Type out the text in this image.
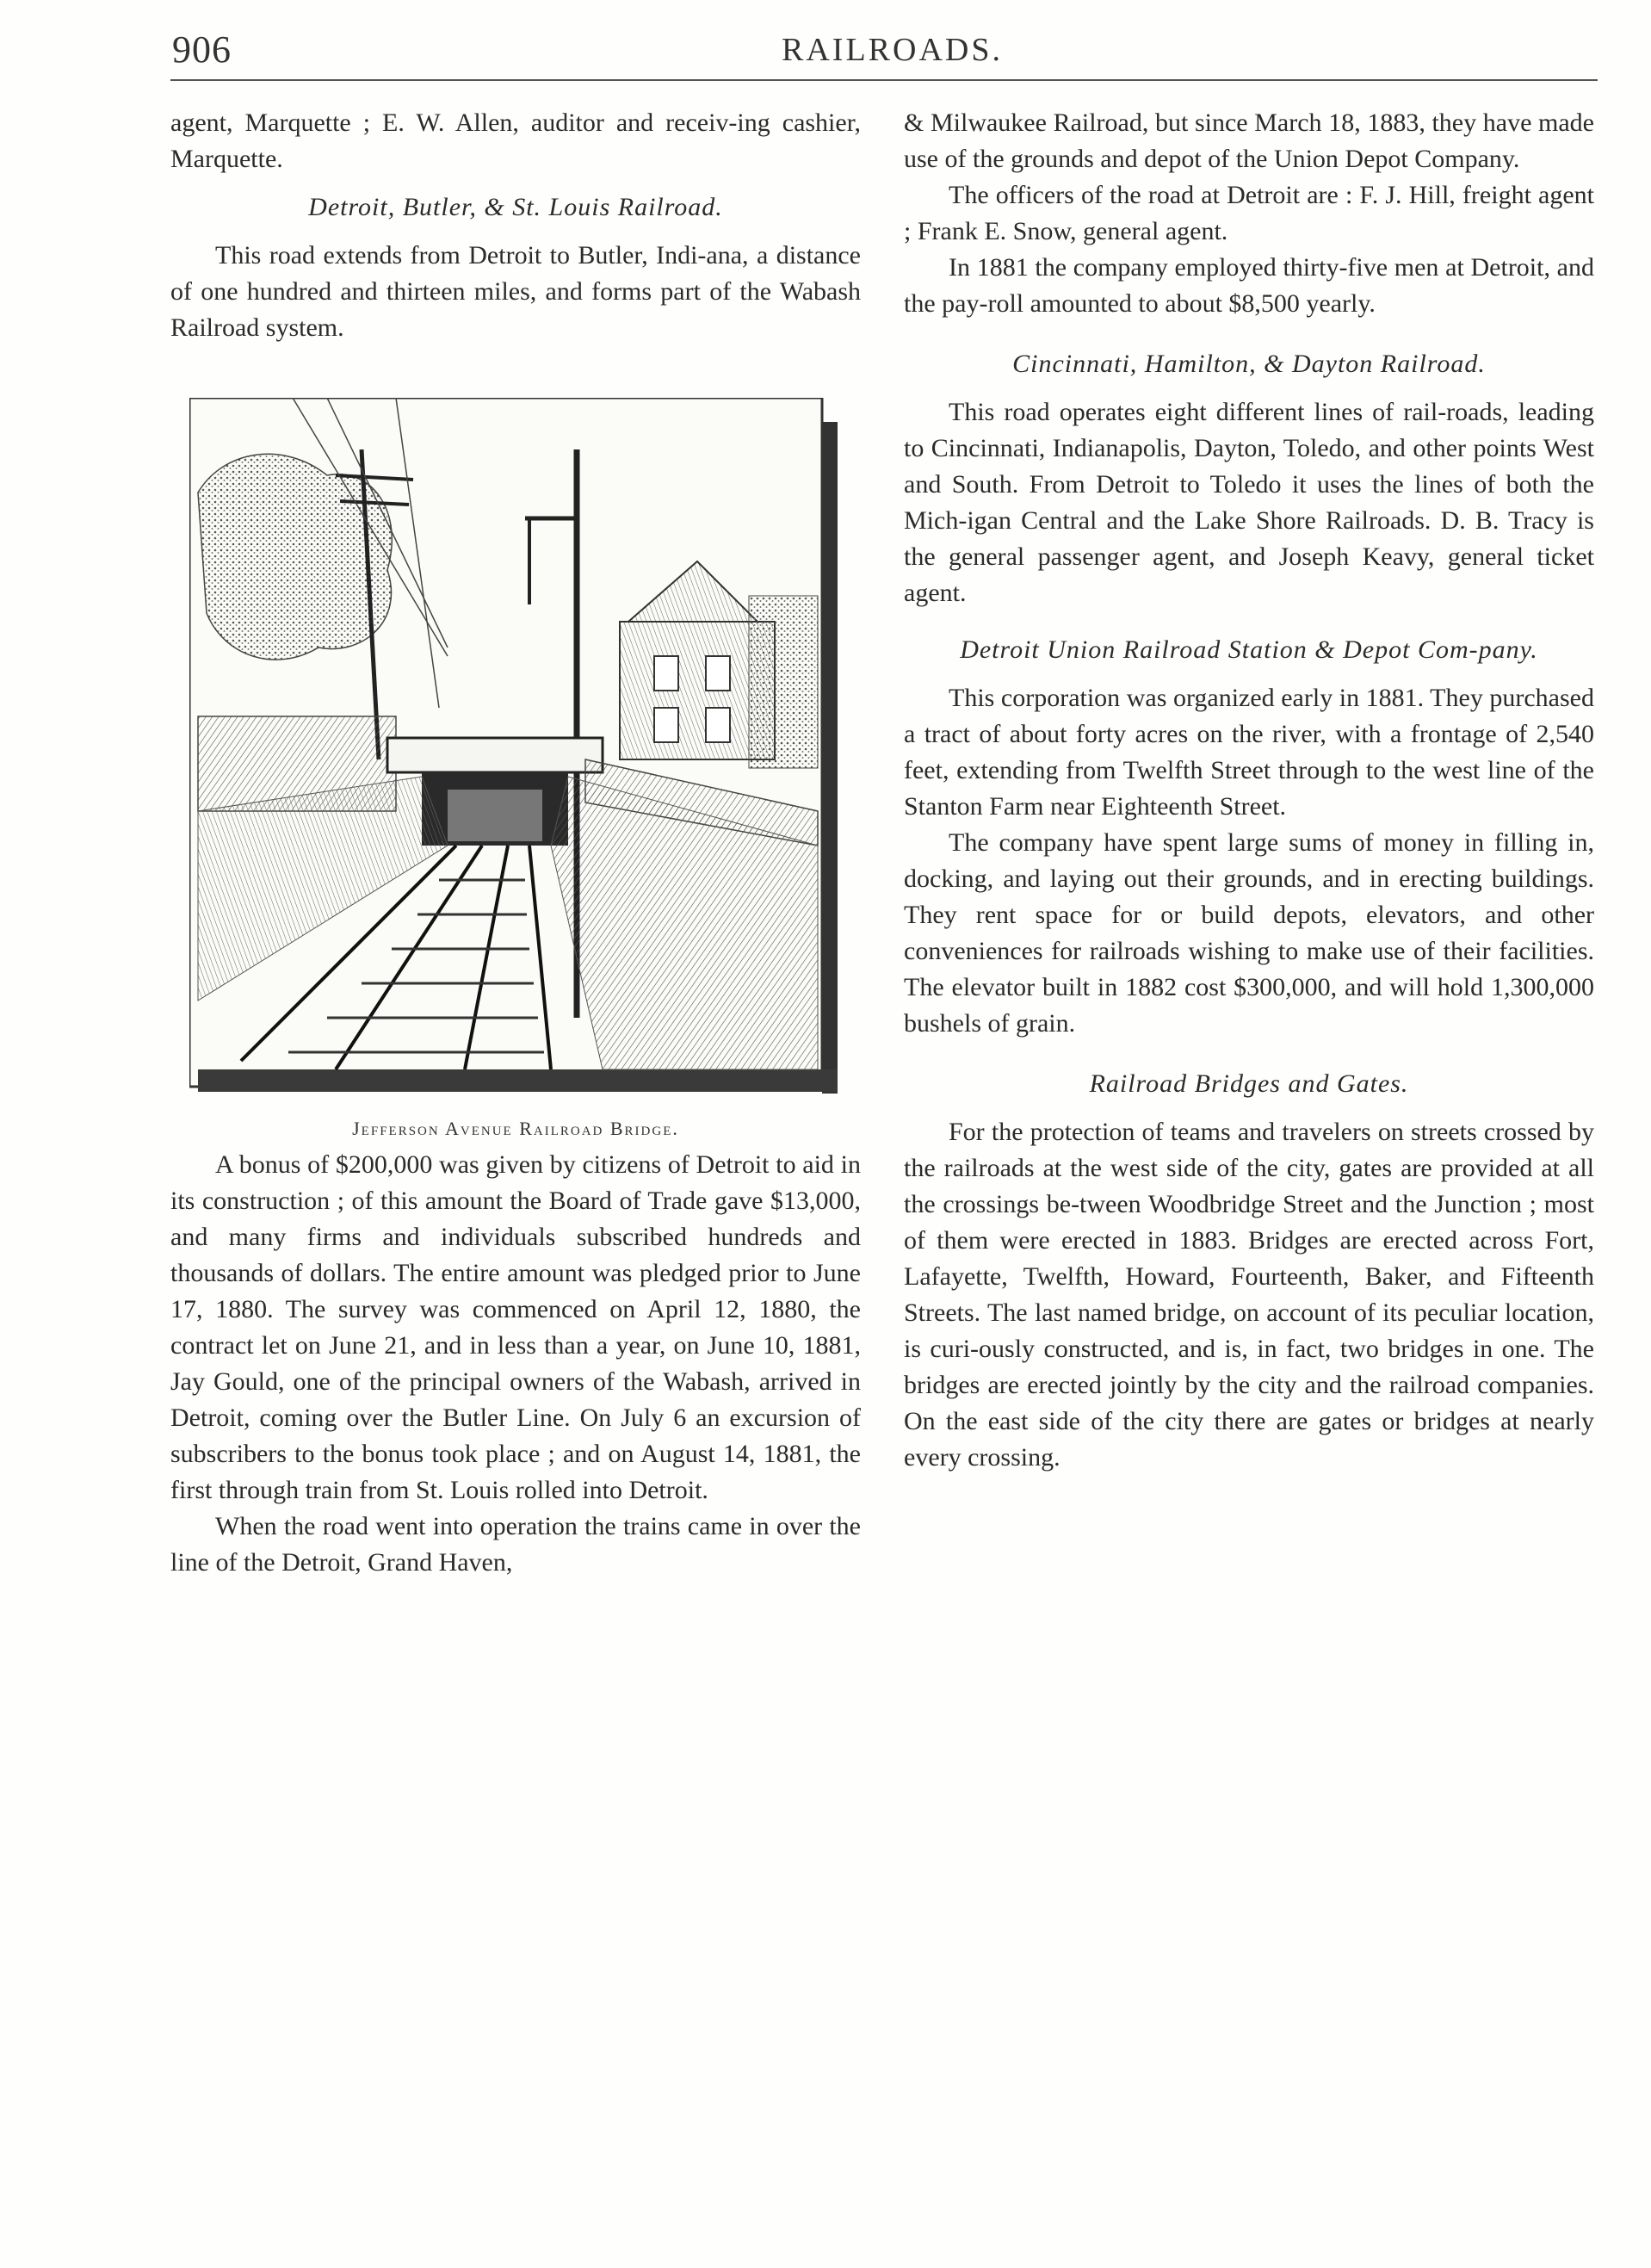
906	RAILROADS.

agent, Marquette ; E. W. Allen, auditor and receiv-ing cashier, Marquette.

Detroit, Butler, & St. Louis Railroad.

This road extends from Detroit to Butler, Indi-ana, a distance of one hundred and thirteen miles, and forms part of the Wabash Railroad system.

Jefferson Avenue Railroad Bridge.

A bonus of $200,000 was given by citizens of Detroit to aid in its construction ; of this amount the Board of Trade gave $13,000, and many firms and individuals subscribed hundreds and thousands of dollars. The entire amount was pledged prior to June 17, 1880. The survey was commenced on April 12, 1880, the contract let on June 21, and in less than a year, on June 10, 1881, Jay Gould, one of the principal owners of the Wabash, arrived in Detroit, coming over the Butler Line. On July 6 an excursion of subscribers to the bonus took place ; and on August 14, 1881, the first through train from St. Louis rolled into Detroit.

When the road went into operation the trains came in over the line of the Detroit, Grand Haven,

& Milwaukee Railroad, but since March 18, 1883, they have made use of the grounds and depot of the Union Depot Company.

The officers of the road at Detroit are : F. J. Hill, freight agent ; Frank E. Snow, general agent.

In 1881 the company employed thirty-five men at Detroit, and the pay-roll amounted to about $8,500 yearly.

Cincinnati, Hamilton, & Dayton Railroad.

This road operates eight different lines of rail-roads, leading to Cincinnati, Indianapolis, Dayton, Toledo, and other points West and South. From Detroit to Toledo it uses the lines of both the Mich-igan Central and the Lake Shore Railroads. D. B. Tracy is the general passenger agent, and Joseph Keavy, general ticket agent.

Detroit Union Railroad Station & Depot Com-pany.

This corporation was organized early in 1881. They purchased a tract of about forty acres on the river, with a frontage of 2,540 feet, extending from Twelfth Street through to the west line of the Stanton Farm near Eighteenth Street.

The company have spent large sums of money in filling in, docking, and laying out their grounds, and in erecting buildings. They rent space for or build depots, elevators, and other conveniences for railroads wishing to make use of their facilities. The elevator built in 1882 cost $300,000, and will hold 1,300,000 bushels of grain.

Railroad Bridges and Gates.

For the protection of teams and travelers on streets crossed by the railroads at the west side of the city, gates are provided at all the crossings be-tween Woodbridge Street and the Junction ; most of them were erected in 1883. Bridges are erected across Fort, Lafayette, Twelfth, Howard, Fourteenth, Baker, and Fifteenth Streets. The last named bridge, on account of its peculiar location, is curi-ously constructed, and is, in fact, two bridges in one. The bridges are erected jointly by the city and the railroad companies. On the east side of the city there are gates or bridges at nearly every crossing.
